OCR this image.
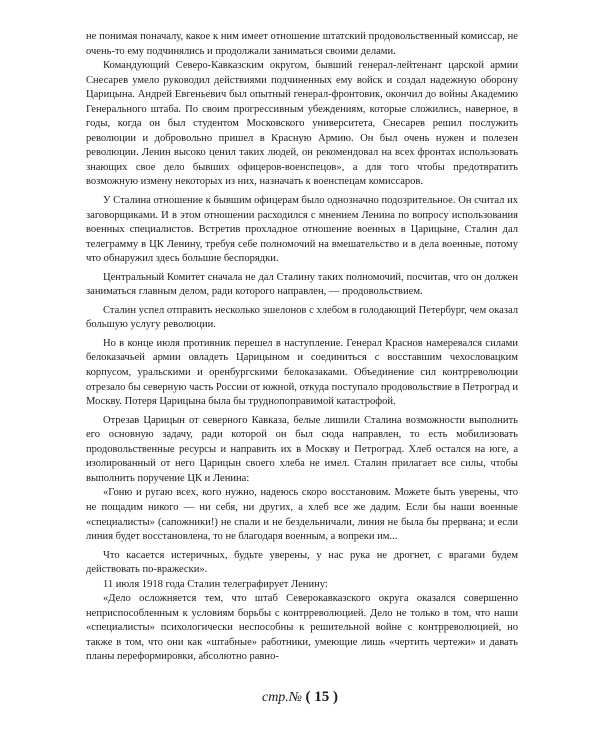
не понимая поначалу, какое к ним имеет отношение штатский продовольственный комиссар, не очень-то ему подчинялись и продолжали заниматься своими делами.

Командующий Северо-Кавказским округом, бывший генерал-лейтенант царской армии Снесарев умело руководил действиями подчиненных ему войск и создал надежную оборону Царицына. Андрей Евгеньевич был опытный генерал-фронтовик, окончил до войны Академию Генерального штаба. По своим прогрессивным убеждениям, которые сложились, наверное, в годы, когда он был студентом Московского университета, Снесарев решил послужить революции и добровольно пришел в Красную Армию. Он был очень нужен и полезен революции. Ленин высоко ценил таких людей, он рекомендовал на всех фронтах использовать знающих свое дело бывших офицеров-военспецов», а для того чтобы предотвратить возможную измену некоторых из них, назначать к военспецам комиссаров.

У Сталина отношение к бывшим офицерам было однозначно подозрительное. Он считал их заговорщиками. И в этом отношении расходился с мнением Ленина по вопросу использования военных специалистов. Встретив прохладное отношение военных в Царицыне, Сталин дал телеграмму в ЦК Ленину, требуя себе полномочий на вмешательство и в дела военные, потому что обнаружил здесь большие беспорядки.

Центральный Комитет сначала не дал Сталину таких полномочий, посчитав, что он должен заниматься главным делом, ради которого направлен, — продовольствием.

Сталин успел отправить несколько эшелонов с хлебом в голодающий Петербург, чем оказал большую услугу революции.

Но в конце июля противник перешел в наступление. Генерал Краснов намеревался силами белоказачьей армии овладеть Царицыном и соединиться с восставшим чехословацким корпусом, уральскими и оренбургскими белоказаками. Объединение сил контрреволюции отрезало бы северную часть России от южной, откуда поступало продовольствие в Петроград и Москву. Потеря Царицына была бы труднопоправимой катастрофой.

Отрезав Царицын от северного Кавказа, белые лишили Сталина возможности выполнить его основную задачу, ради которой он был сюда направлен, то есть мобилизовать продовольственные ресурсы и направить их в Москву и Петроград. Хлеб остался на юге, а изолированный от него Царицын своего хлеба не имел. Сталин прилагает все силы, чтобы выполнить поручение ЦК и Ленина:

«Гоню и ругаю всех, кого нужно, надеюсь скоро восстановим. Можете быть уверены, что не пощадим никого — ни себя, ни других, а хлеб все же дадим. Если бы наши военные «специалисты» (сапожники!) не спали и не бездельничали, линия не была бы прервана; и если линия будет восстановлена, то не благодаря военным, а вопреки им...

Что касается истеричных, будьте уверены, у нас рука не дрогнет, с врагами будем действовать по-вражески».

11 июля 1918 года Сталин телеграфирует Ленину:

«Дело осложняется тем, что штаб Северокавказского округа оказался совершенно неприспособленным к условиям борьбы с контрреволюцией. Дело не только в том, что наши «специалисты» психологически неспособны к решительной войне с контрреволюцией, но также в том, что они как «штабные» работники, умеющие лишь «чертить чертежи» и давать планы переформировки, абсолютно равно-

стр.№ ( 15 )
